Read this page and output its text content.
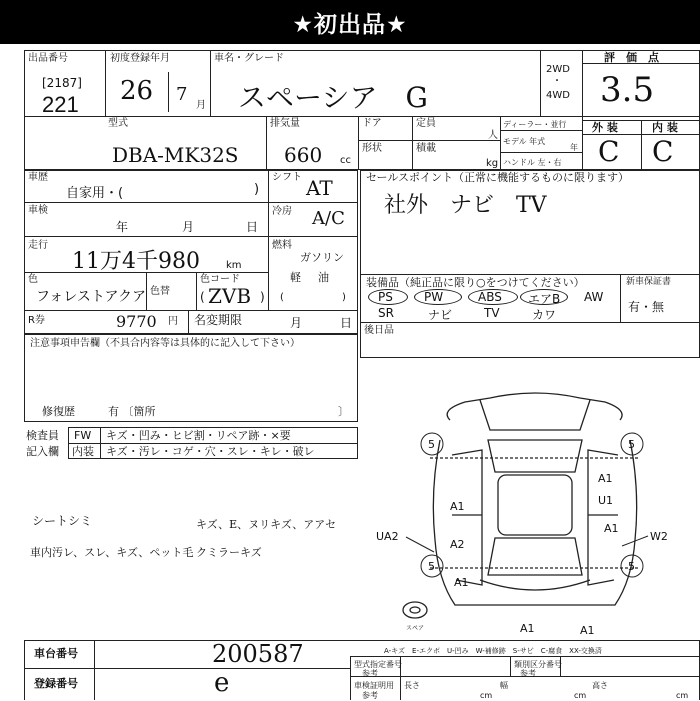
★初出品★
出品番号
[2187]
221
初度登録年月
26 7
月
車名・グレード
スペーシア　G
2WD
・
4WD
評　価　点
3.5
外 装	内 装
C C
型式
DBA-MK32S
排気量
660 cc
ドア
形状
定員
人
積載
kg
ディーラー・並行
モデル 年式
年
ハンドル 左・右
車歴
自家用・(	)
車検
年	月	日
走行
11万4千980	km
色
フォレストアクア 色替
色コード
( ZVB )
R券	9770 円 名変期限	月	日
シフト AT
冷房 A/C
燃料
ガソリン
軽 油
(	)
セールスポイント（正常に機能するものに限ります）
社外　ナビ　TV
装備品（純正品に限り○をつけてください）	新車保証書
有・無
PS	PW	ABS エアB AW
SR	ナビ	TV	カワ
後日品
注意事項申告欄（不具合内容等は具体的に記入して下さい）
修復歴	有 〔箇所	〕
検査員
記入欄
FW
内装
キズ・凹み・ヒビ割・リペア跡・×要
キズ・汚レ・コゲ・穴・スレ・キレ・破レ
シートシミ	キズ、E、ヌリキズ、アアセ
車内汚レ、スレ、キズ、ペット毛 クミラーキズ
5	5
5	5
A1
A1
U1
A1
A2
A1
A1	A1
UA2	W2
スペア
A-キズ　E-エクボ　U-凹み　W-補修跡　S-サビ　C-腐食　XX-交換済
車台番号	200587
登録番号	e
型式指定番号
参考
類別区分番号
参考
車検証明用
参考
長さ
cm
幅
cm
高さ
cm
